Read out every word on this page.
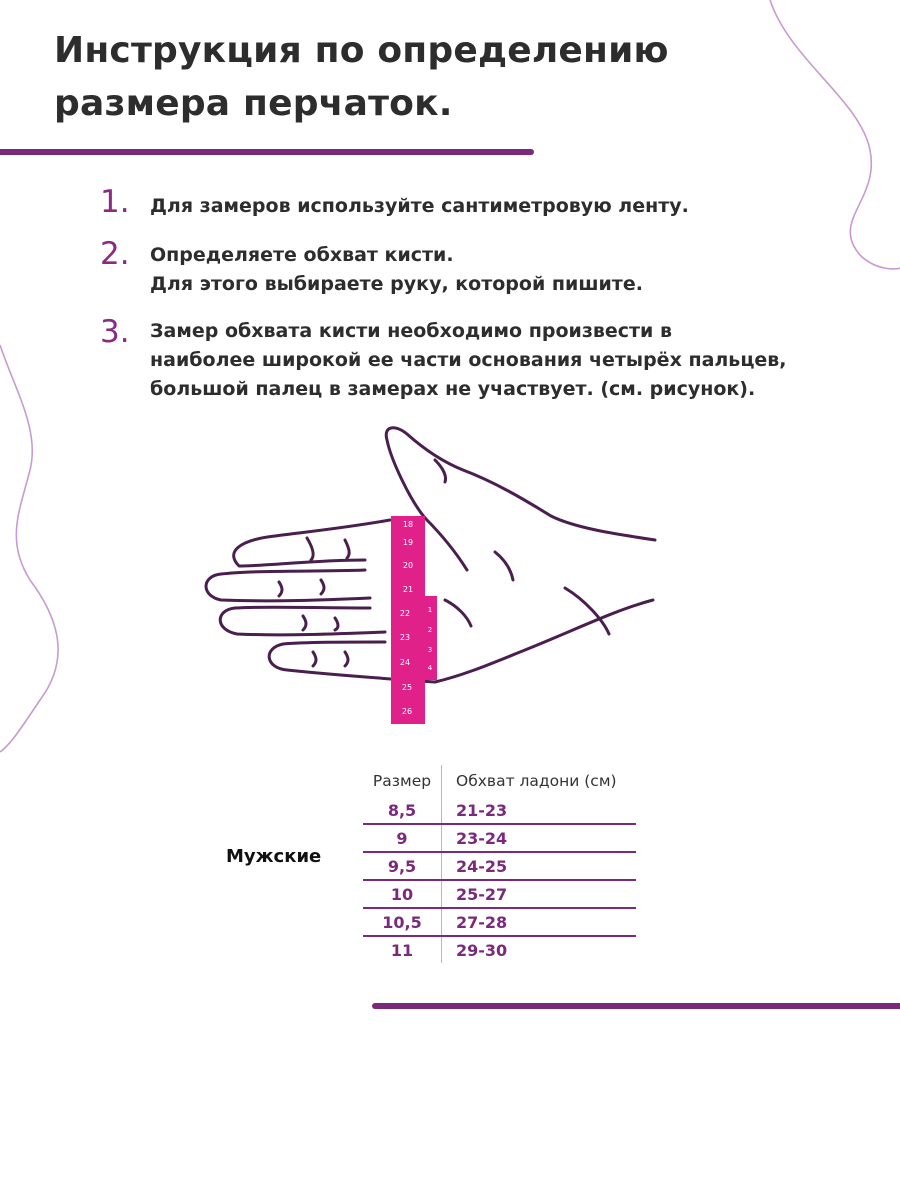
Инструкция по определению
размера перчаток.
1.	Для замеров используйте сантиметровую ленту.
2.	Определяете обхват кисти.
Для этого выбираете руку, которой пишите.
3.	Замер обхвата кисти необходимо произвести в
наиболее широкой ее части основания четырёх пальцев,
большой палец в замерах не участвует. (см. рисунок).
18
19
20
21
22
23
24
25
26
1
2
3
4
Мужские
Размер	Обхват ладони (см)
8,5	21-23
9	23-24
9,5	24-25
10	25-27
10,5	27-28
11	29-30
